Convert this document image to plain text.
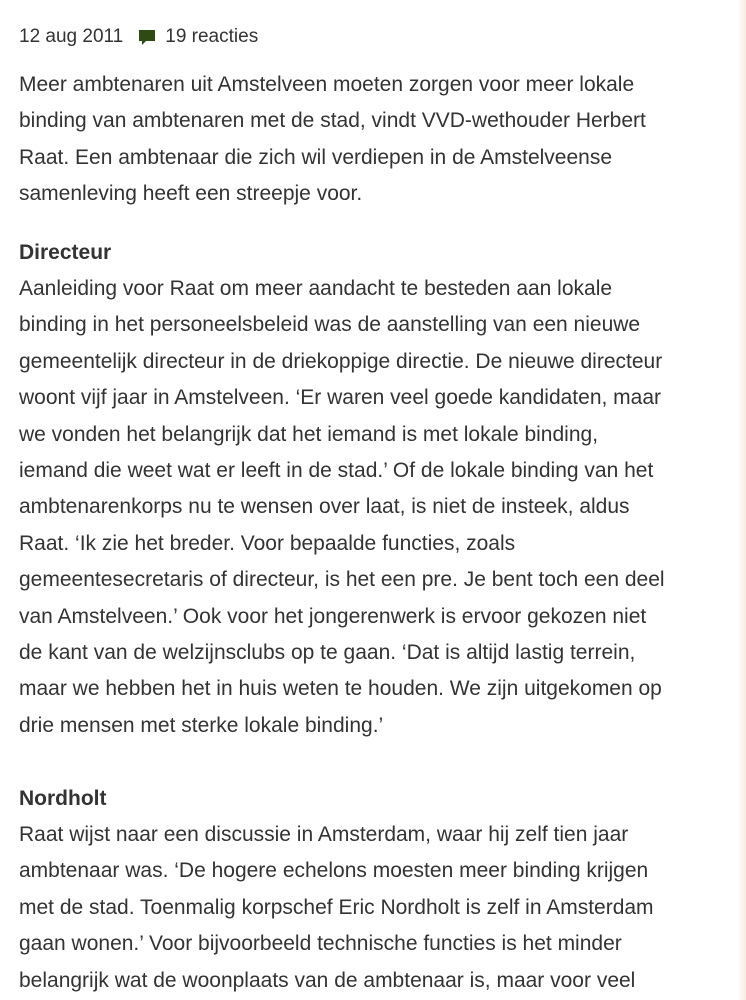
12 aug 2011 19 reacties
Meer ambtenaren uit Amstelveen moeten zorgen voor meer lokale
binding van ambtenaren met de stad, vindt VVD-wethouder Herbert
Raat. Een ambtenaar die zich wil verdiepen in de Amstelveense
samenleving heeft een streepje voor.
Directeur
Aanleiding voor Raat om meer aandacht te besteden aan lokale
binding in het personeelsbeleid was de aanstelling van een nieuwe
gemeentelijk directeur in de driekoppige directie. De nieuwe directeur
woont vijf jaar in Amstelveen. ‘Er waren veel goede kandidaten, maar
we vonden het belangrijk dat het iemand is met lokale binding,
iemand die weet wat er leeft in de stad.’ Of de lokale binding van het
ambtenarenkorps nu te wensen over laat, is niet de insteek, aldus
Raat. ‘Ik zie het breder. Voor bepaalde functies, zoals
gemeentesecretaris of directeur, is het een pre. Je bent toch een deel
van Amstelveen.’ Ook voor het jongerenwerk is ervoor gekozen niet
de kant van de welzijnsclubs op te gaan. ‘Dat is altijd lastig terrein,
maar we hebben het in huis weten te houden. We zijn uitgekomen op
drie mensen met sterke lokale binding.’
Nordholt
Raat wijst naar een discussie in Amsterdam, waar hij zelf tien jaar
ambtenaar was. ‘De hogere echelons moesten meer binding krijgen
met de stad. Toenmalig korpschef Eric Nordholt is zelf in Amsterdam
gaan wonen.’ Voor bijvoorbeeld technische functies is het minder
belangrijk wat de woonplaats van de ambtenaar is, maar voor veel
